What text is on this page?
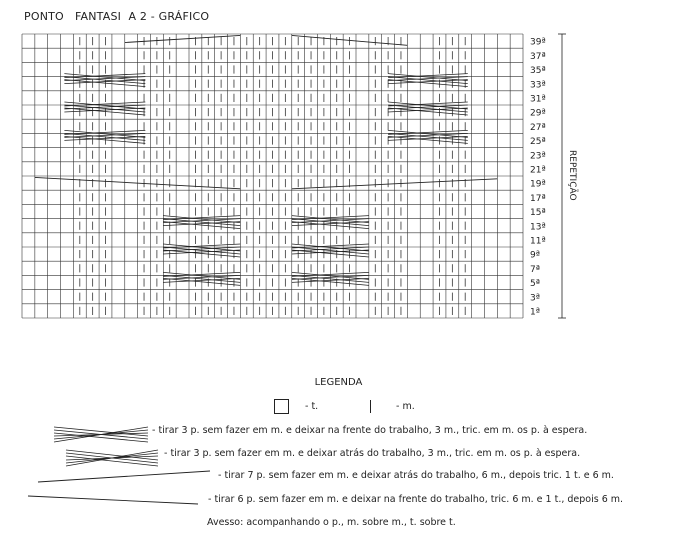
PONTO   FANTASI  A 2 - GRÁFICO
39ª
37ª
35ª
33ª
31ª
29ª
27ª
25ª
23ª
21ª
19ª
17ª
15ª
13ª
11ª
9ª
7ª
5ª
3ª
1ª
REPETIÇÃO
LEGENDA
- t.	- m.
- tirar 3 p. sem fazer em m. e deixar na frente do trabalho, 3 m., tric. em m. os p. à espera.
- tirar 3 p. sem fazer em m. e deixar atrás do trabalho, 3 m., tric. em m. os p. à espera.
- tirar 7 p. sem fazer em m. e deixar atrás do trabalho, 6 m., depois tric. 1 t. e 6 m.
- tirar 6 p. sem fazer em m. e deixar na frente do trabalho, tric. 6 m. e 1 t., depois 6 m.
Avesso: acompanhando o p., m. sobre m., t. sobre t.
